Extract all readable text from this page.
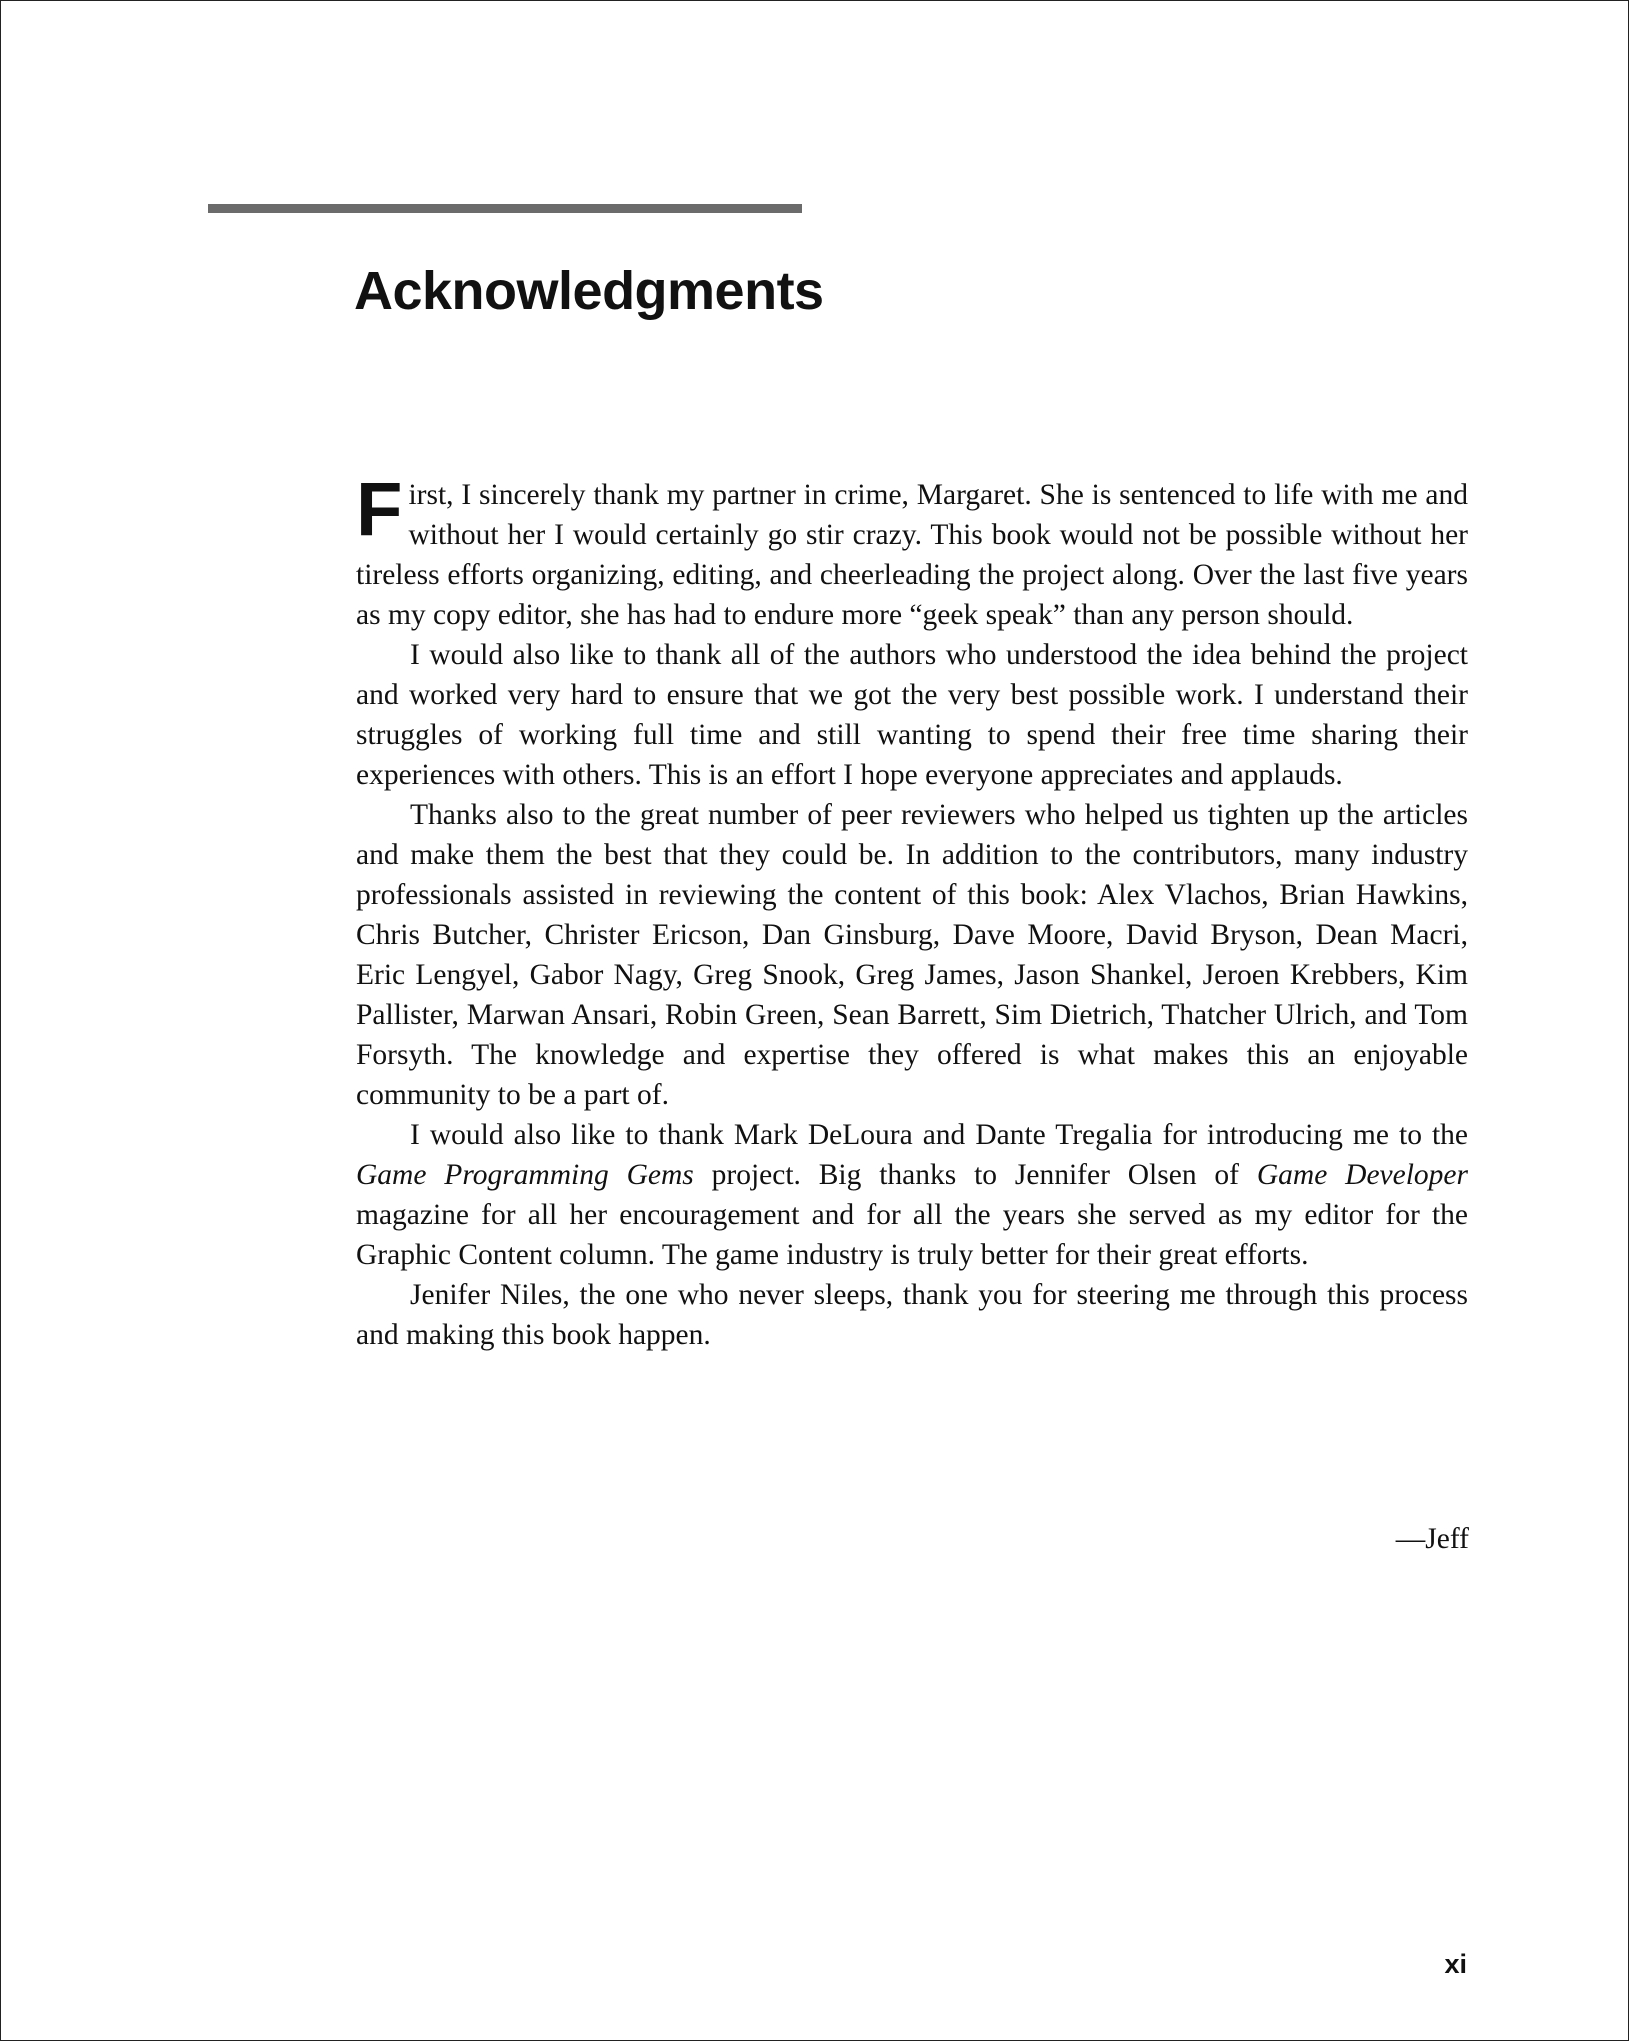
Acknowledgments

First, I sincerely thank my partner in crime, Margaret. She is sentenced to life with me and without her I would certainly go stir crazy. This book would not be possible without her tireless efforts organizing, editing, and cheerleading the project along. Over the last five years as my copy editor, she has had to endure more “geek speak” than any person should.

I would also like to thank all of the authors who understood the idea behind the project and worked very hard to ensure that we got the very best possible work. I understand their struggles of working full time and still wanting to spend their free time sharing their experiences with others. This is an effort I hope everyone appreciates and applauds.

Thanks also to the great number of peer reviewers who helped us tighten up the articles and make them the best that they could be. In addition to the contributors, many industry professionals assisted in reviewing the content of this book: Alex Vlachos, Brian Hawkins, Chris Butcher, Christer Ericson, Dan Ginsburg, Dave Moore, David Bryson, Dean Macri, Eric Lengyel, Gabor Nagy, Greg Snook, Greg James, Jason Shankel, Jeroen Krebbers, Kim Pallister, Marwan Ansari, Robin Green, Sean Barrett, Sim Dietrich, Thatcher Ulrich, and Tom Forsyth. The knowledge and expertise they offered is what makes this an enjoyable community to be a part of.

I would also like to thank Mark DeLoura and Dante Tregalia for introducing me to the Game Programming Gems project. Big thanks to Jennifer Olsen of Game Developer magazine for all her encouragement and for all the years she served as my editor for the Graphic Content column. The game industry is truly better for their great efforts.

Jenifer Niles, the one who never sleeps, thank you for steering me through this process and making this book happen.

—Jeff
xi
